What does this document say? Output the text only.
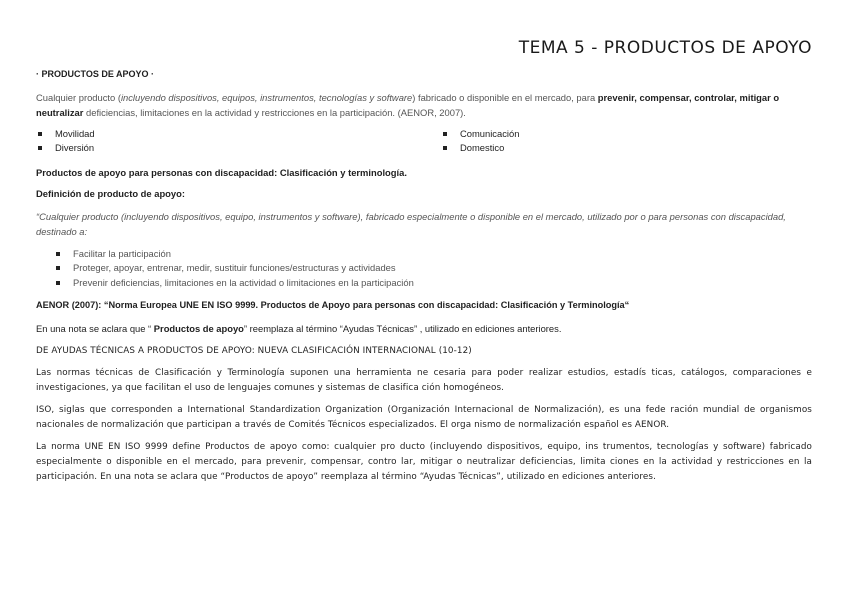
TEMA 5 - PRODUCTOS DE APOYO
· PRODUCTOS DE APOYO ·
Cualquier producto (incluyendo dispositivos, equipos, instrumentos, tecnologías y software) fabricado o disponible en el mercado, para prevenir, compensar, controlar, mitigar o neutralizar deficiencias, limitaciones en la actividad y restricciones en la participación. (AENOR, 2007).
Movilidad
Diversión
Comunicación
Domestico
Productos de apoyo para personas con discapacidad: Clasificación y terminología.
Definición de producto de apoyo:
“Cualquier producto (incluyendo dispositivos, equipo, instrumentos y software), fabricado especialmente o disponible en el mercado, utilizado por o para personas con discapacidad, destinado a:
Facilitar la participación
Proteger, apoyar, entrenar, medir, sustituir funciones/estructuras y actividades
Prevenir deficiencias, limitaciones en la actividad o limitaciones en la participación
AENOR (2007): “Norma Europea UNE EN ISO 9999. Productos de Apoyo para personas con discapacidad: Clasificación y Terminología“
En una nota se aclara que “ Productos de apoyo” reemplaza al término “Ayudas Técnicas” , utilizado en ediciones anteriores.
DE AYUDAS TÉCNICAS A PRODUCTOS DE APOYO: NUEVA CLASIFICACIÓN INTERNACIONAL (10-12)
Las normas técnicas de Clasificación y Terminología suponen una herramienta ne cesaria para poder realizar estudios, estadís ticas, catálogos, comparaciones e investigaciones, ya que facilitan el uso de lenguajes comunes y sistemas de clasifica ción homogéneos.
ISO, siglas que corresponden a International Standardization Organization (Organización Internacional de Normalización), es una fede ración mundial de organismos nacionales de normalización que participan a través de Comités Técnicos especializados. El orga nismo de normalización español es AENOR.
La norma UNE EN ISO 9999 define Productos de apoyo como: cualquier pro ducto (incluyendo dispositivos, equipo, ins trumentos, tecnologías y software) fabricado especialmente o disponible en el mercado, para prevenir, compensar, contro lar, mitigar o neutralizar deficiencias, limita ciones en la actividad y restricciones en la participación. En una nota se aclara que “Productos de apoyo” reemplaza al término “Ayudas Técnicas”, utilizado en ediciones anteriores.
